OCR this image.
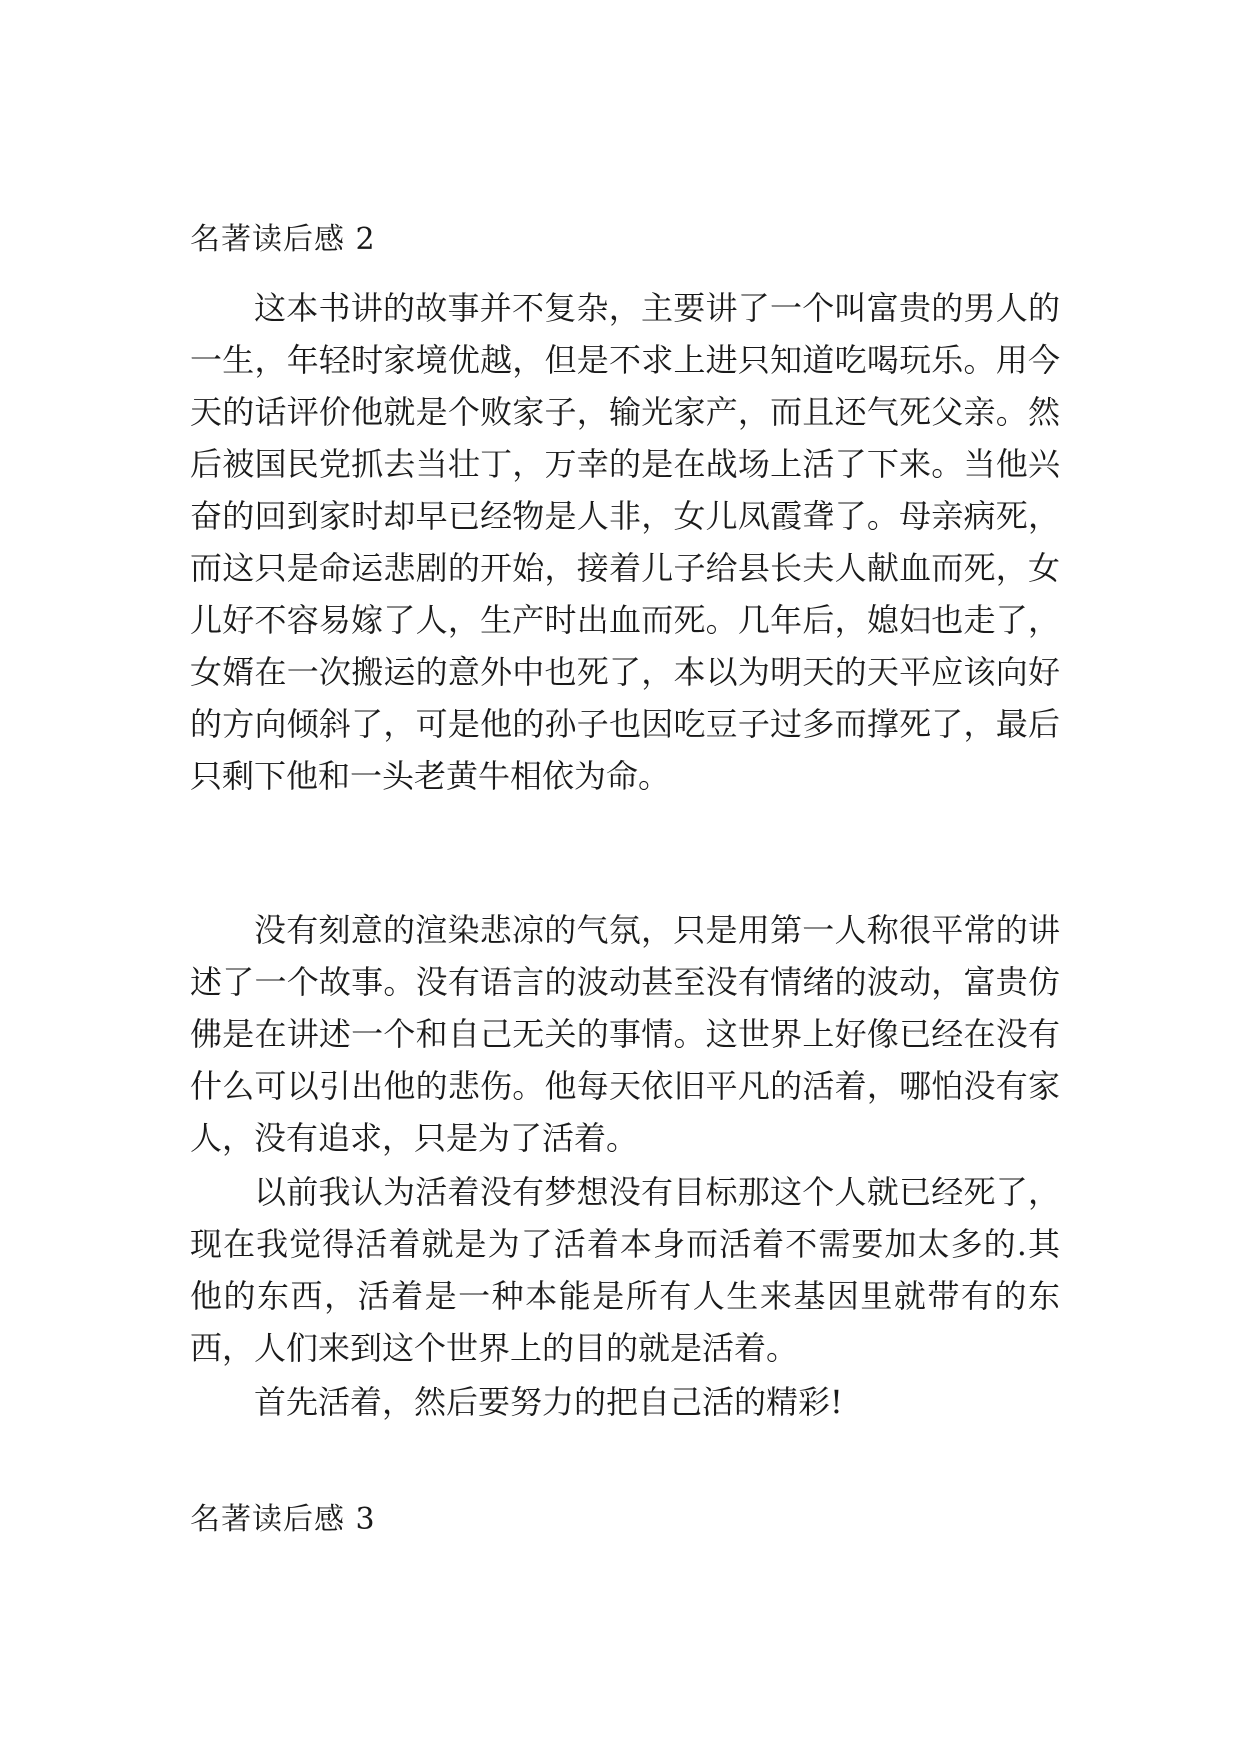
名著读后感 2

这本书讲的故事并不复杂，主要讲了一个叫富贵的男人的一生，年轻时家境优越，但是不求上进只知道吃喝玩乐。用今天的话评价他就是个败家子，输光家产，而且还气死父亲。然后被国民党抓去当壮丁，万幸的是在战场上活了下来。当他兴奋的回到家时却早已经物是人非，女儿凤霞聋了。母亲病死，而这只是命运悲剧的开始，接着儿子给县长夫人献血而死，女儿好不容易嫁了人，生产时出血而死。几年后，媳妇也走了，女婿在一次搬运的意外中也死了，本以为明天的天平应该向好的方向倾斜了，可是他的孙子也因吃豆子过多而撑死了，最后只剩下他和一头老黄牛相依为命。

没有刻意的渲染悲凉的气氛，只是用第一人称很平常的讲述了一个故事。没有语言的波动甚至没有情绪的波动，富贵仿佛是在讲述一个和自己无关的事情。这世界上好像已经在没有什么可以引出他的悲伤。他每天依旧平凡的活着，哪怕没有家人，没有追求，只是为了活着。

以前我认为活着没有梦想没有目标那这个人就已经死了，现在我觉得活着就是为了活着本身而活着不需要加太多的.其他的东西，活着是一种本能是所有人生来基因里就带有的东西，人们来到这个世界上的目的就是活着。

首先活着，然后要努力的把自己活的精彩!

名著读后感 3
